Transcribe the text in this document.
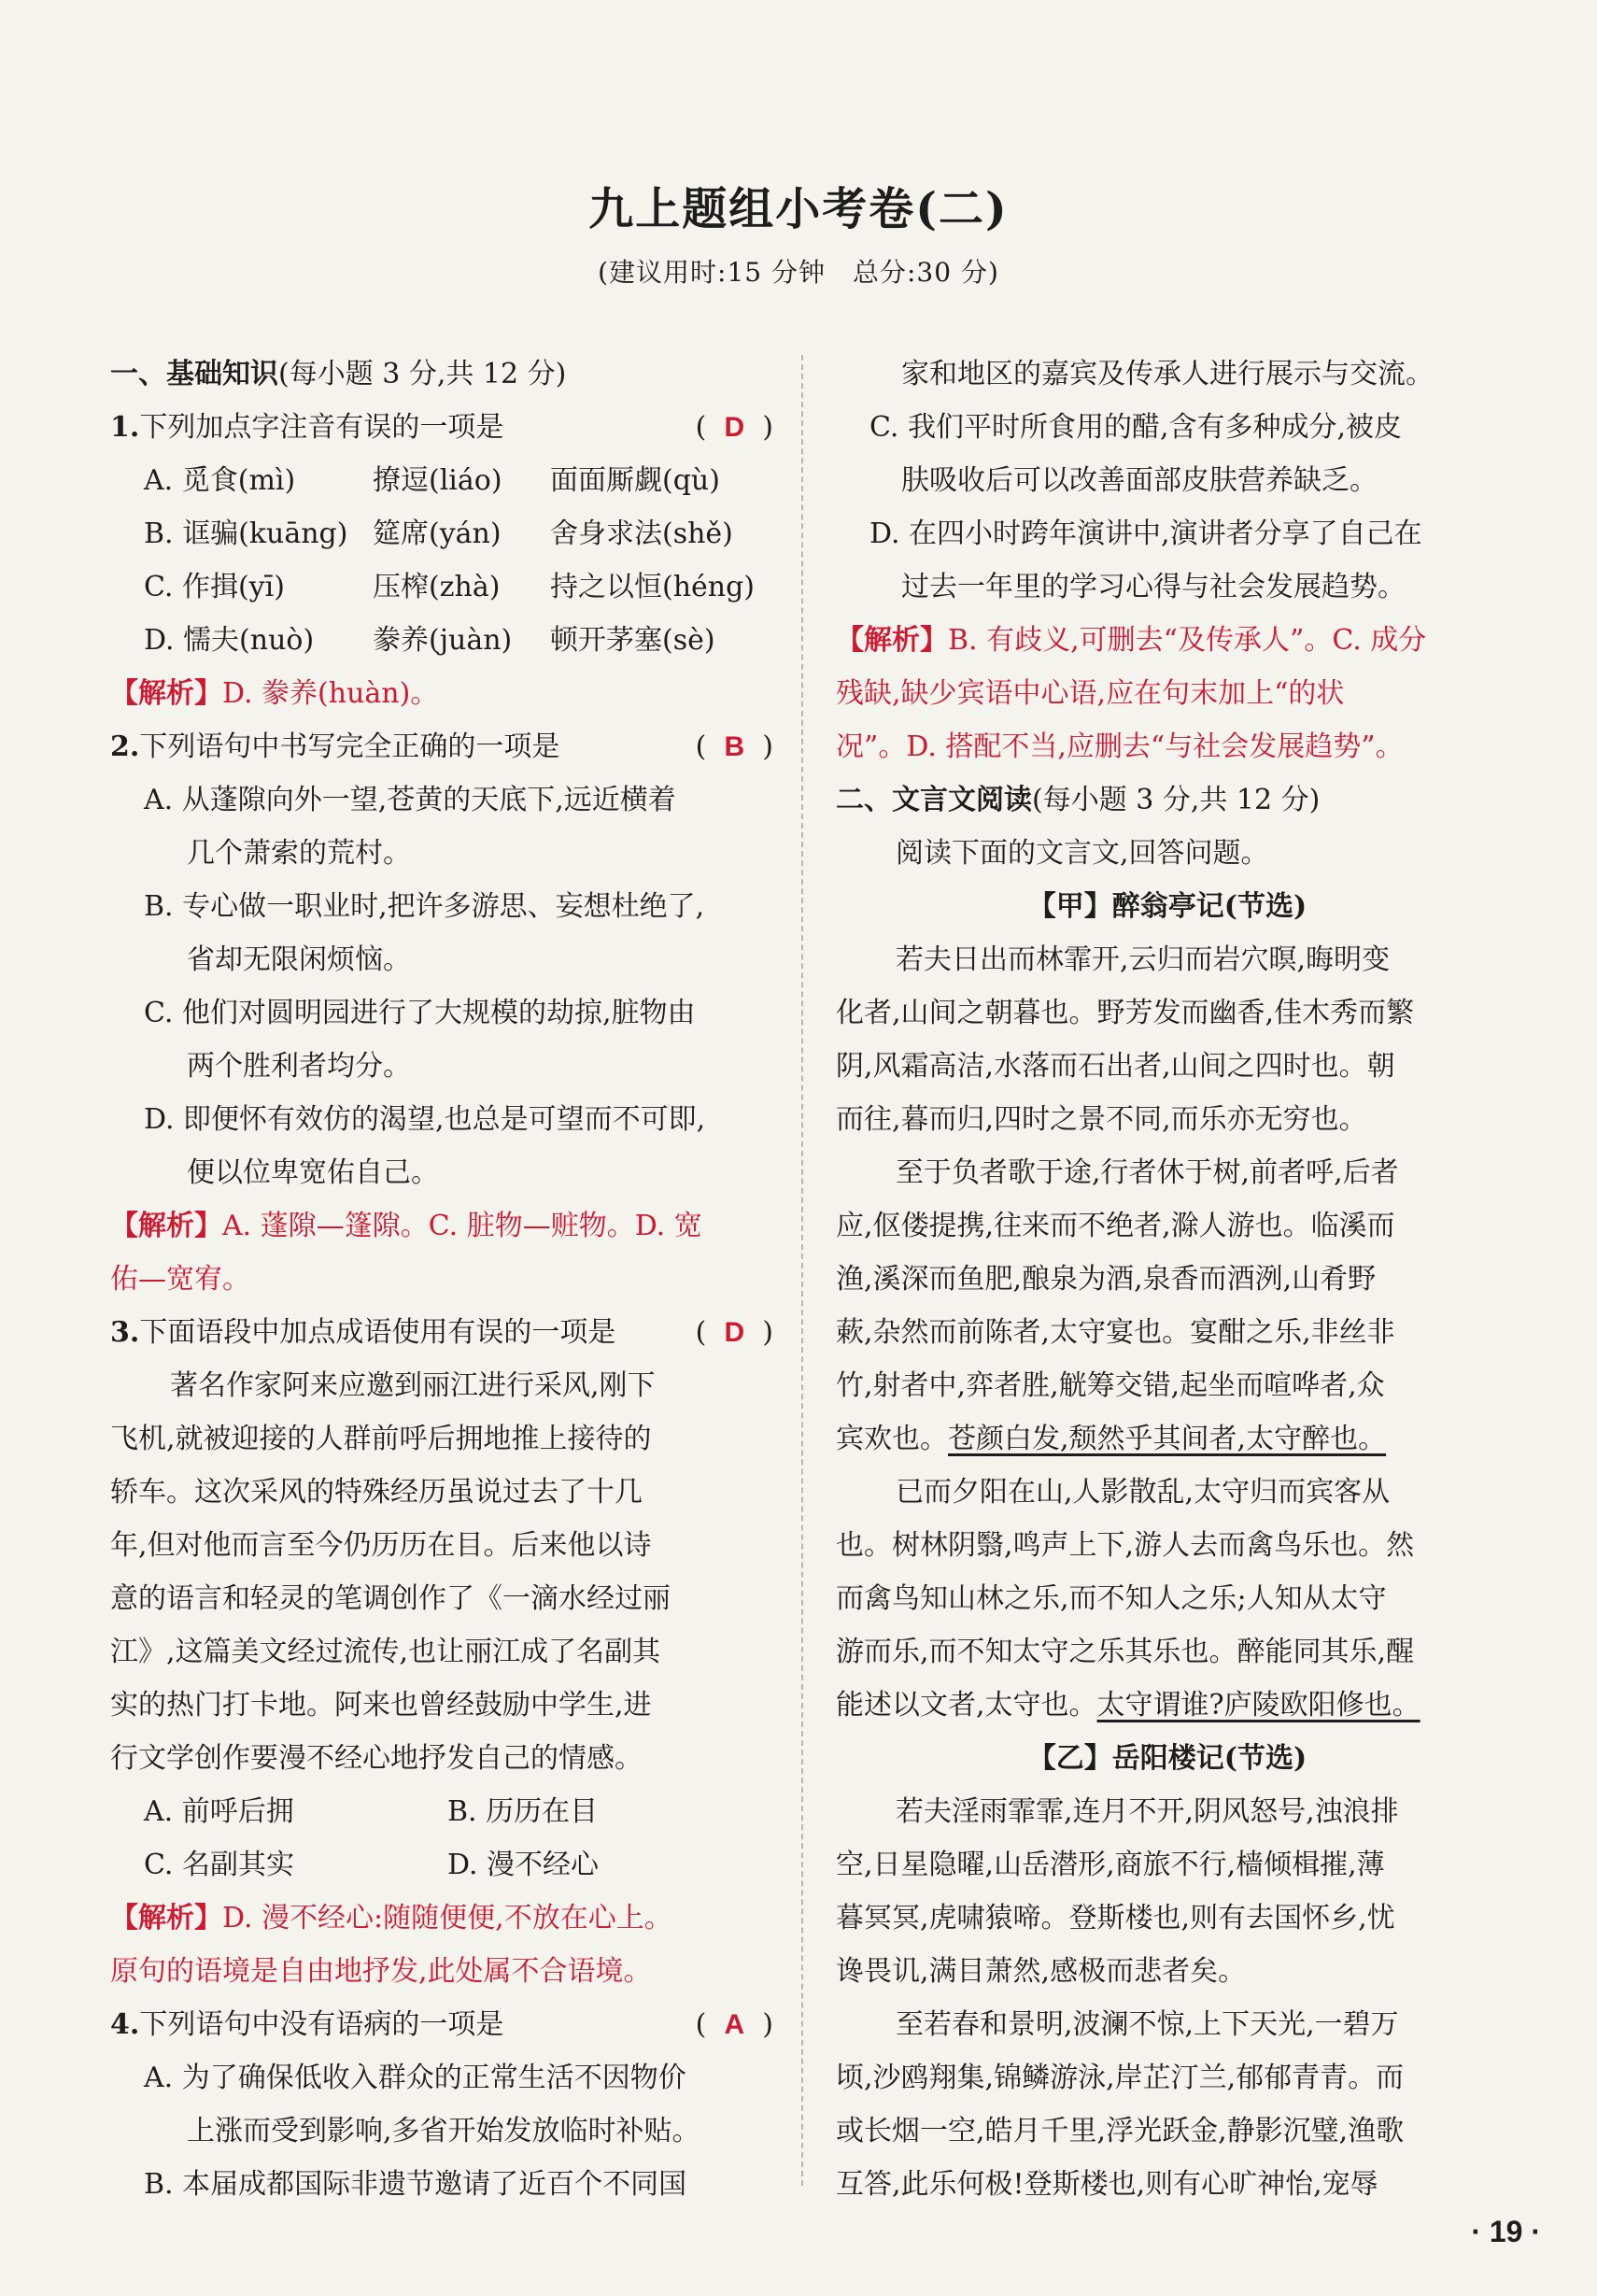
九上题组小考卷(二)
(建议用时:15 分钟　总分:30 分)
一、基础知识(每小题 3 分,共 12 分)
1.下列加点字注音有误的一项是	( D )
A. 觅食(mì)	撩逗(liáo)	面面厮觑(qù)
B. 诓骗(kuāng) 筵席(yán)	舍身求法(shě)
C. 作揖(yī)	压榨(zhà)	持之以恒(héng)
D. 懦夫(nuò)	豢养(juàn)	顿开茅塞(sè)
【解析】D. 豢养(huàn)。
2.下列语句中书写完全正确的一项是	( B )
A. 从蓬隙向外一望,苍黄的天底下,远近横着
几个萧索的荒村。
B. 专心做一职业时,把许多游思、妄想杜绝了,
省却无限闲烦恼。
C. 他们对圆明园进行了大规模的劫掠,脏物由
两个胜利者均分。
D. 即便怀有效仿的渴望,也总是可望而不可即,
便以位卑宽佑自己。
【解析】A. 蓬隙—篷隙。C. 脏物—赃物。D. 宽
佑—宽宥。
3.下面语段中加点成语使用有误的一项是	( D )
著名作家阿来应邀到丽江进行采风,刚下
飞机,就被迎接的人群前呼后拥地推上接待的
轿车。这次采风的特殊经历虽说过去了十几
年,但对他而言至今仍历历在目。后来他以诗
意的语言和轻灵的笔调创作了《一滴水经过丽
江》,这篇美文经过流传,也让丽江成了名副其
实的热门打卡地。阿来也曾经鼓励中学生,进
行文学创作要漫不经心地抒发自己的情感。
A. 前呼后拥	B. 历历在目
C. 名副其实	D. 漫不经心
【解析】D. 漫不经心:随随便便,不放在心上。
原句的语境是自由地抒发,此处属不合语境。
4.下列语句中没有语病的一项是	( A )
A. 为了确保低收入群众的正常生活不因物价
上涨而受到影响,多省开始发放临时补贴。
B. 本届成都国际非遗节邀请了近百个不同国
家和地区的嘉宾及传承人进行展示与交流。
C. 我们平时所食用的醋,含有多种成分,被皮
肤吸收后可以改善面部皮肤营养缺乏。
D. 在四小时跨年演讲中,演讲者分享了自己在
过去一年里的学习心得与社会发展趋势。
【解析】B. 有歧义,可删去“及传承人”。C. 成分
残缺,缺少宾语中心语,应在句末加上“的状
况”。D. 搭配不当,应删去“与社会发展趋势”。
二、文言文阅读(每小题 3 分,共 12 分)
阅读下面的文言文,回答问题。
【甲】醉翁亭记(节选)
若夫日出而林霏开,云归而岩穴暝,晦明变
化者,山间之朝暮也。野芳发而幽香,佳木秀而繁
阴,风霜高洁,水落而石出者,山间之四时也。朝
而往,暮而归,四时之景不同,而乐亦无穷也。
至于负者歌于途,行者休于树,前者呼,后者
应,伛偻提携,往来而不绝者,滁人游也。临溪而
渔,溪深而鱼肥,酿泉为酒,泉香而酒洌,山肴野
蔌,杂然而前陈者,太守宴也。宴酣之乐,非丝非
竹,射者中,弈者胜,觥筹交错,起坐而喧哗者,众
宾欢也。苍颜白发,颓然乎其间者,太守醉也。
已而夕阳在山,人影散乱,太守归而宾客从
也。树林阴翳,鸣声上下,游人去而禽鸟乐也。然
而禽鸟知山林之乐,而不知人之乐;人知从太守
游而乐,而不知太守之乐其乐也。醉能同其乐,醒
能述以文者,太守也。太守谓谁?庐陵欧阳修也。
【乙】岳阳楼记(节选)
若夫淫雨霏霏,连月不开,阴风怒号,浊浪排
空,日星隐曜,山岳潜形,商旅不行,樯倾楫摧,薄
暮冥冥,虎啸猿啼。登斯楼也,则有去国怀乡,忧
谗畏讥,满目萧然,感极而悲者矣。
至若春和景明,波澜不惊,上下天光,一碧万
顷,沙鸥翔集,锦鳞游泳,岸芷汀兰,郁郁青青。而
或长烟一空,皓月千里,浮光跃金,静影沉璧,渔歌
互答,此乐何极!登斯楼也,则有心旷神怡,宠辱
· 19 ·
